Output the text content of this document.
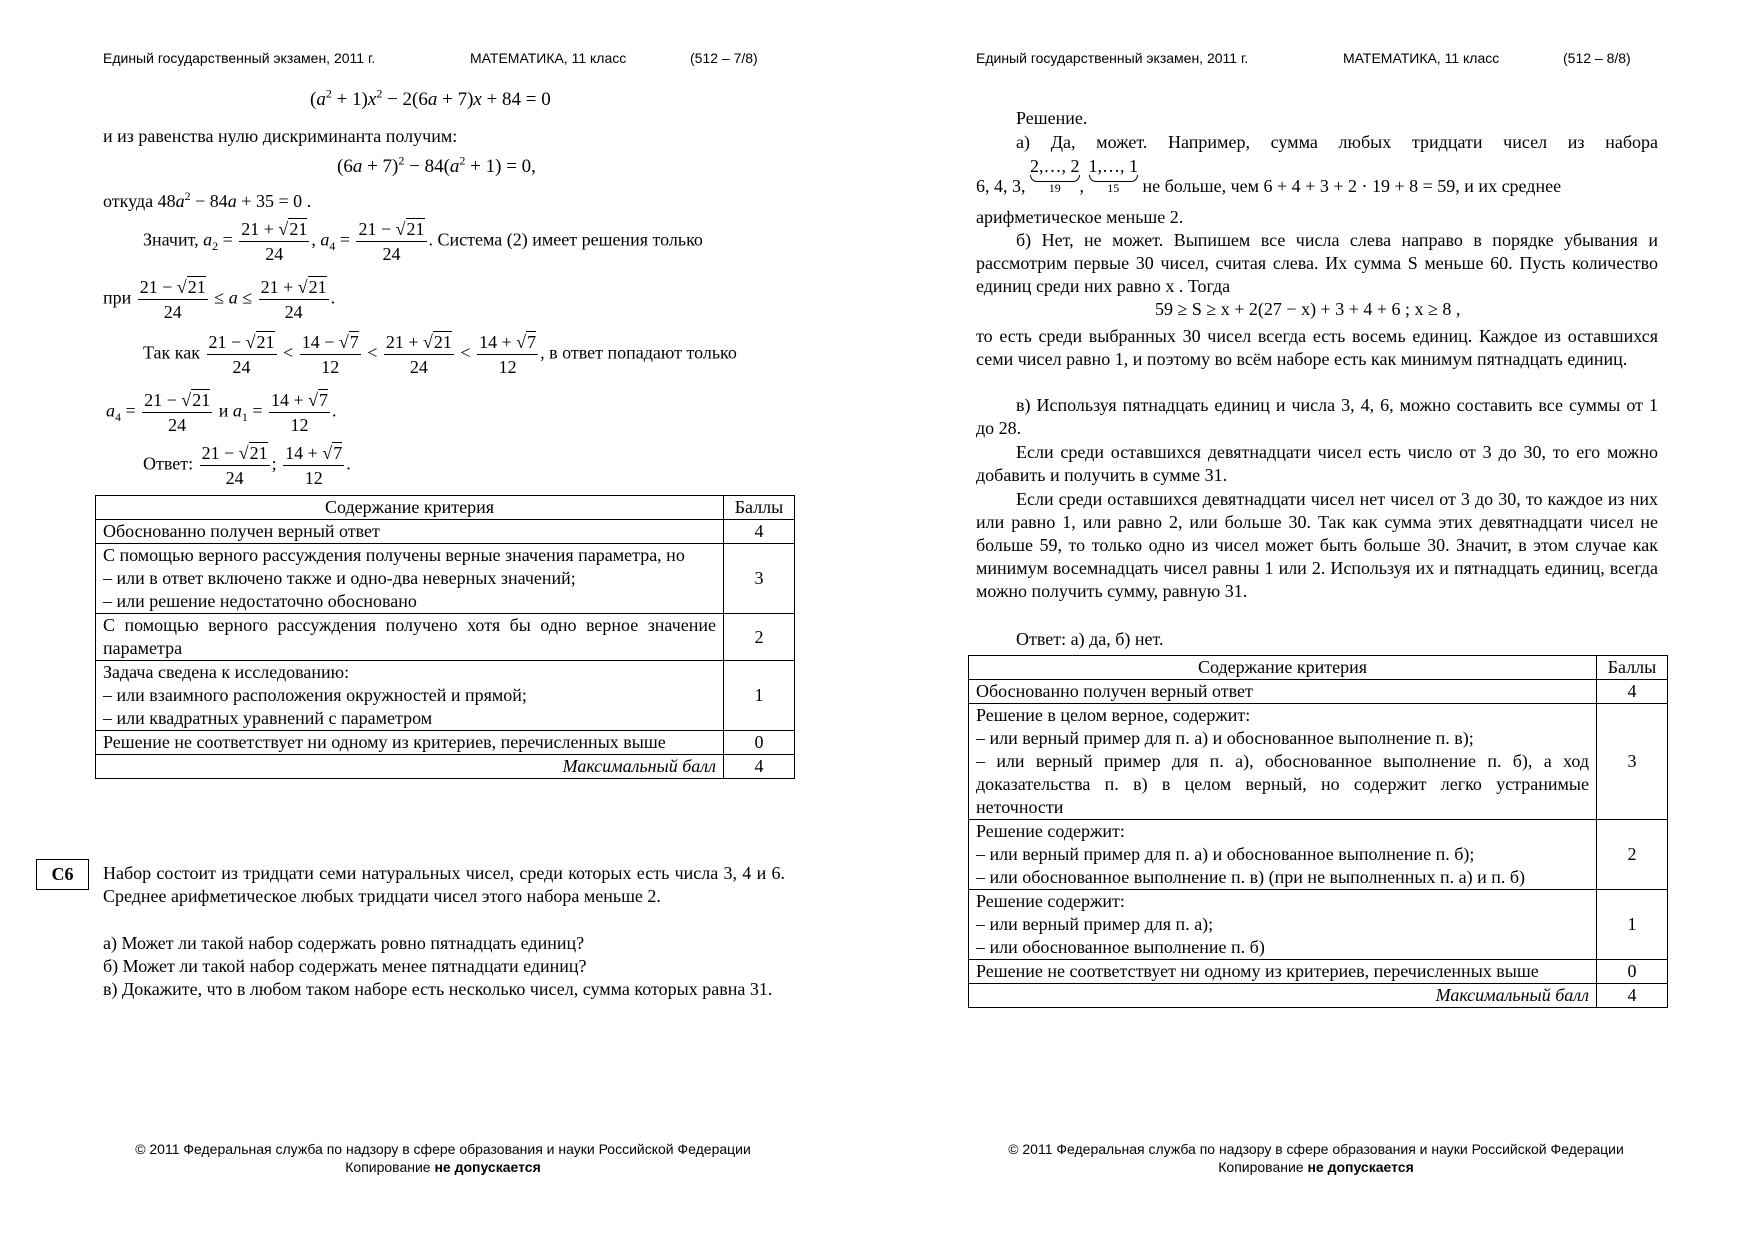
Единый государственный экзамен, 2011 г.	МАТЕМАТИКА, 11 класс	(512 – 7/8)
$(a^2 + 1)x^2 - 2(6a + 7)x + 84 = 0$
и из равенства нулю дискриминанта получим:
$(6a + 7)^2 - 84(a^2 + 1) = 0$,
откуда $48a^2 - 84a + 35 = 0$ .
Значит, $a_2 = \frac{21 + √21}{24}$ , $a_4 = \frac{21 - √21}{24}$ . Система (2) имеет решения только
при $\frac{21 - √21}{24} \le a \le \frac{21 + √21}{24}$ .
Так как $\frac{21 - √21}{24} < \frac{14 - √7}{12} < \frac{21 + √21}{24} < \frac{14 + √7}{12}$ , в ответ попадают только
$a_4 = \frac{21 - √21}{24}$ и $a_1 = \frac{14 + √7}{12}$ .
Ответ: $\frac{21 - √21}{24}$ ; $\frac{14 + √7}{12}$ .
Содержание критерия	Баллы
Обоснованно получен верный ответ	4
С помощью верного рассуждения получены верные значения параметра, но
– или в ответ включено также и одно-два неверных значений;
– или решение недостаточно обосновано	3
С помощью верного рассуждения получено хотя бы одно верное значение параметра	2
Задача сведена к исследованию:
– или взаимного расположения окружностей и прямой;
– или квадратных уравнений с параметром	1
Решение не соответствует ни одному из критериев, перечисленных выше	0
Максимальный балл	4
С6	Набор состоит из тридцати семи натуральных чисел, среди которых есть числа 3, 4 и 6. Среднее арифметическое любых тридцати чисел этого набора меньше 2.
а) Может ли такой набор содержать ровно пятнадцать единиц?
б) Может ли такой набор содержать менее пятнадцати единиц?
в) Докажите, что в любом таком наборе есть несколько чисел, сумма которых равна 31.
© 2011 Федеральная служба по надзору в сфере образования и науки Российской Федерации
Копирование не допускается
Единый государственный экзамен, 2011 г.	МАТЕМАТИКА, 11 класс	(512 – 8/8)
Решение.
а) Да, может. Например, сумма любых тридцати чисел из набора
6, 4, 3, 2,…, 2
19	, 1,…, 1
15	не больше, чем 6 + 4 + 3 + 2 · 19 + 8 = 59, и их среднее
арифметическое меньше 2.
б) Нет, не может. Выпишем все числа слева направо в порядке убывания и рассмотрим первые 30 чисел, считая слева. Их сумма S меньше 60. Пусть количество единиц среди них равно x . Тогда
59 ≥ S ≥ x + 2(27 − x) + 3 + 4 + 6 ; x ≥ 8 ,
то есть среди выбранных 30 чисел всегда есть восемь единиц. Каждое из оставшихся семи чисел равно 1, и поэтому во всём наборе есть как минимум пятнадцать единиц.
в) Используя пятнадцать единиц и числа 3, 4, 6, можно составить все суммы от 1 до 28.
Если среди оставшихся девятнадцати чисел есть число от 3 до 30, то его можно добавить и получить в сумме 31.
Если среди оставшихся девятнадцати чисел нет чисел от 3 до 30, то каждое из них или равно 1, или равно 2, или больше 30. Так как сумма этих девятнадцати чисел не больше 59, то только одно из чисел может быть больше 30. Значит, в этом случае как минимум восемнадцать чисел равны 1 или 2. Используя их и пятнадцать единиц, всегда можно получить сумму, равную 31.
Ответ: а) да, б) нет.
Содержание критерия	Баллы
Обоснованно получен верный ответ	4
Решение в целом верное, содержит:
– или верный пример для п. а) и обоснованное выполнение п. в);
– или верный пример для п. а), обоснованное выполнение п. б), а ход доказательства п. в) в целом верный, но содержит легко устранимые неточности	3
Решение содержит:
– или верный пример для п. а) и обоснованное выполнение п. б);
– или обоснованное выполнение п. в) (при не выполненных п. а) и п. б)	2
Решение содержит:
– или верный пример для п. а);
– или обоснованное выполнение п. б)	1
Решение не соответствует ни одному из критериев, перечисленных выше	0
Максимальный балл	4
© 2011 Федеральная служба по надзору в сфере образования и науки Российской Федерации
Копирование не допускается
